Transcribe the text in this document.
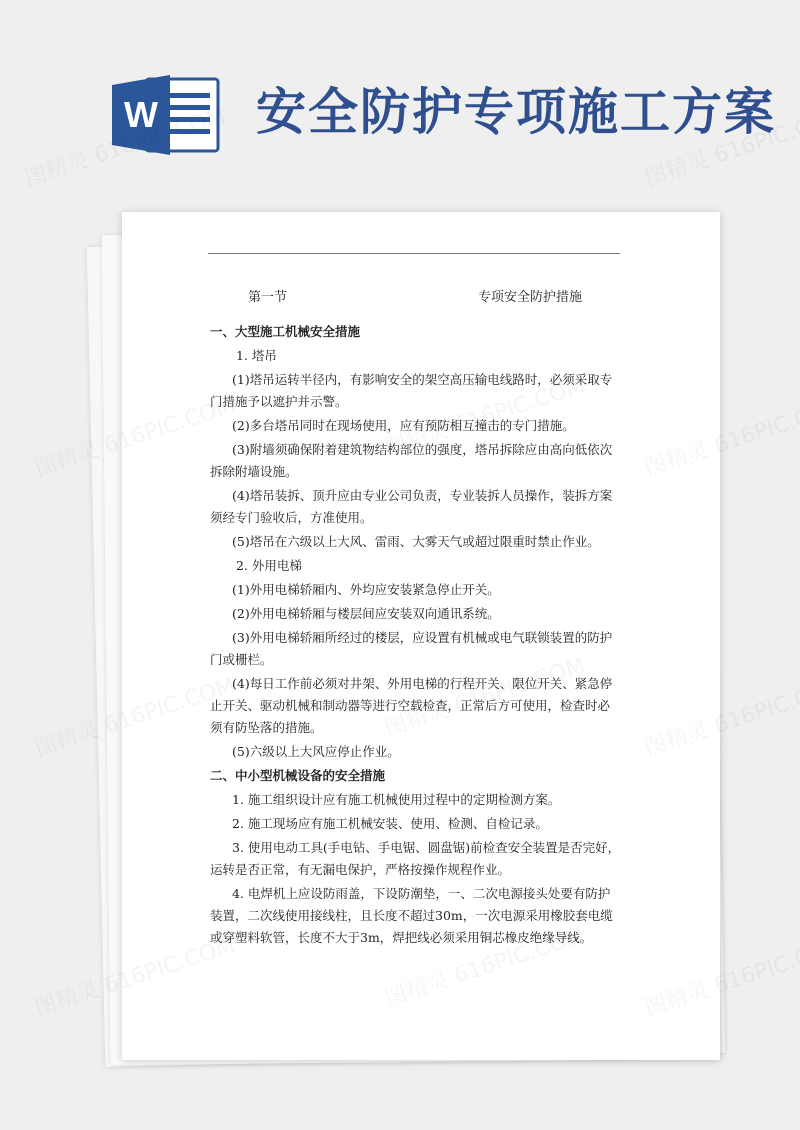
W 安全防护专项施工方案
第一节	专项安全防护措施

一、大型施工机械安全措施

1. 塔吊

(1)塔吊运转半径内，有影响安全的架空高压输电线路时，必须采取专门措施予以遮护并示警。

(2)多台塔吊同时在现场使用，应有预防相互撞击的专门措施。

(3)附墙须确保附着建筑物结构部位的强度，塔吊拆除应由高向低依次拆除附墙设施。

(4)塔吊装拆、顶升应由专业公司负责，专业装拆人员操作，装拆方案须经专门验收后，方准使用。

(5)塔吊在六级以上大风、雷雨、大雾天气或超过限重时禁止作业。

2. 外用电梯

(1)外用电梯轿厢内、外均应安装紧急停止开关。

(2)外用电梯轿厢与楼层间应安装双向通讯系统。

(3)外用电梯轿厢所经过的楼层，应设置有机械或电气联锁装置的防护门或栅栏。

(4)每日工作前必须对井架、外用电梯的行程开关、限位开关、紧急停止开关、驱动机械和制动器等进行空载检查，正常后方可使用，检查时必须有防坠落的措施。

(5)六级以上大风应停止作业。

二、中小型机械设备的安全措施

1. 施工组织设计应有施工机械使用过程中的定期检测方案。

2. 施工现场应有施工机械安装、使用、检测、自检记录。

3. 使用电动工具(手电钻、手电锯、圆盘锯)前检查安全装置是否完好，运转是否正常，有无漏电保护，严格按操作规程作业。

4. 电焊机上应设防雨盖，下设防潮垫，一、二次电源接头处要有防护装置，二次线使用接线柱，且长度不超过30m，一次电源采用橡胶套电缆或穿塑料软管，长度不大于3m，焊把线必须采用铜芯橡皮绝缘导线。
